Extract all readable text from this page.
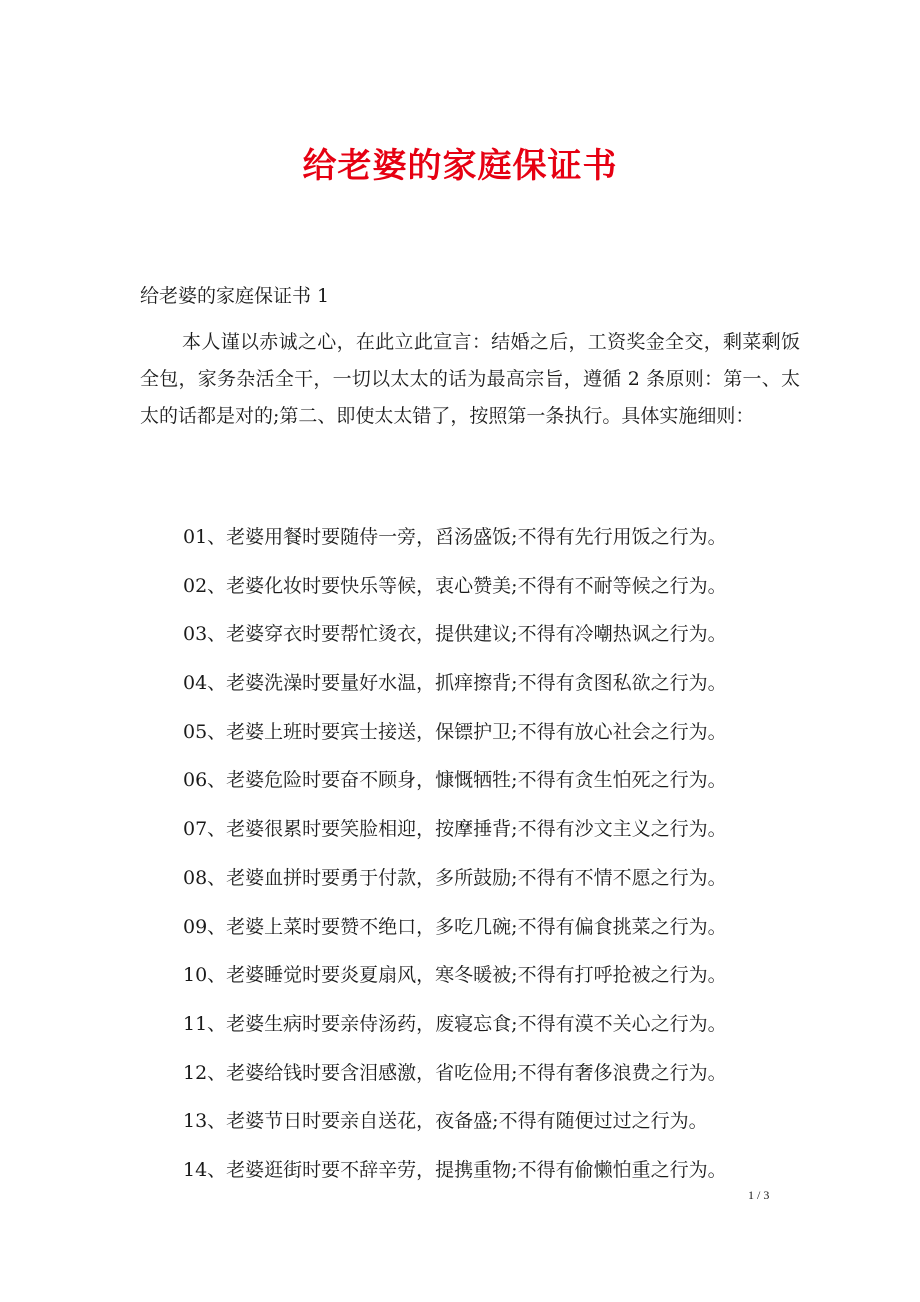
给老婆的家庭保证书
给老婆的家庭保证书 1

本人谨以赤诚之心，在此立此宣言：结婚之后，工资奖金全交，剩菜剩饭全包，家务杂活全干，一切以太太的话为最高宗旨，遵循 2 条原则：第一、太太的话都是对的;第二、即使太太错了，按照第一条执行。具体实施细则：

01、老婆用餐时要随侍一旁，舀汤盛饭;不得有先行用饭之行为。
02、老婆化妆时要快乐等候，衷心赞美;不得有不耐等候之行为。
03、老婆穿衣时要帮忙烫衣，提供建议;不得有冷嘲热讽之行为。
04、老婆洗澡时要量好水温，抓痒擦背;不得有贪图私欲之行为。
05、老婆上班时要宾士接送，保镖护卫;不得有放心社会之行为。
06、老婆危险时要奋不顾身，慷慨牺牲;不得有贪生怕死之行为。
07、老婆很累时要笑脸相迎，按摩捶背;不得有沙文主义之行为。
08、老婆血拼时要勇于付款，多所鼓励;不得有不情不愿之行为。
09、老婆上菜时要赞不绝口，多吃几碗;不得有偏食挑菜之行为。
10、老婆睡觉时要炎夏扇风，寒冬暖被;不得有打呼抢被之行为。
11、老婆生病时要亲侍汤药，废寝忘食;不得有漠不关心之行为。
12、老婆给钱时要含泪感激，省吃俭用;不得有奢侈浪费之行为。
13、老婆节日时要亲自送花，夜备盛;不得有随便过过之行为。
14、老婆逛街时要不辞辛劳，提携重物;不得有偷懒怕重之行为。
1 / 3
